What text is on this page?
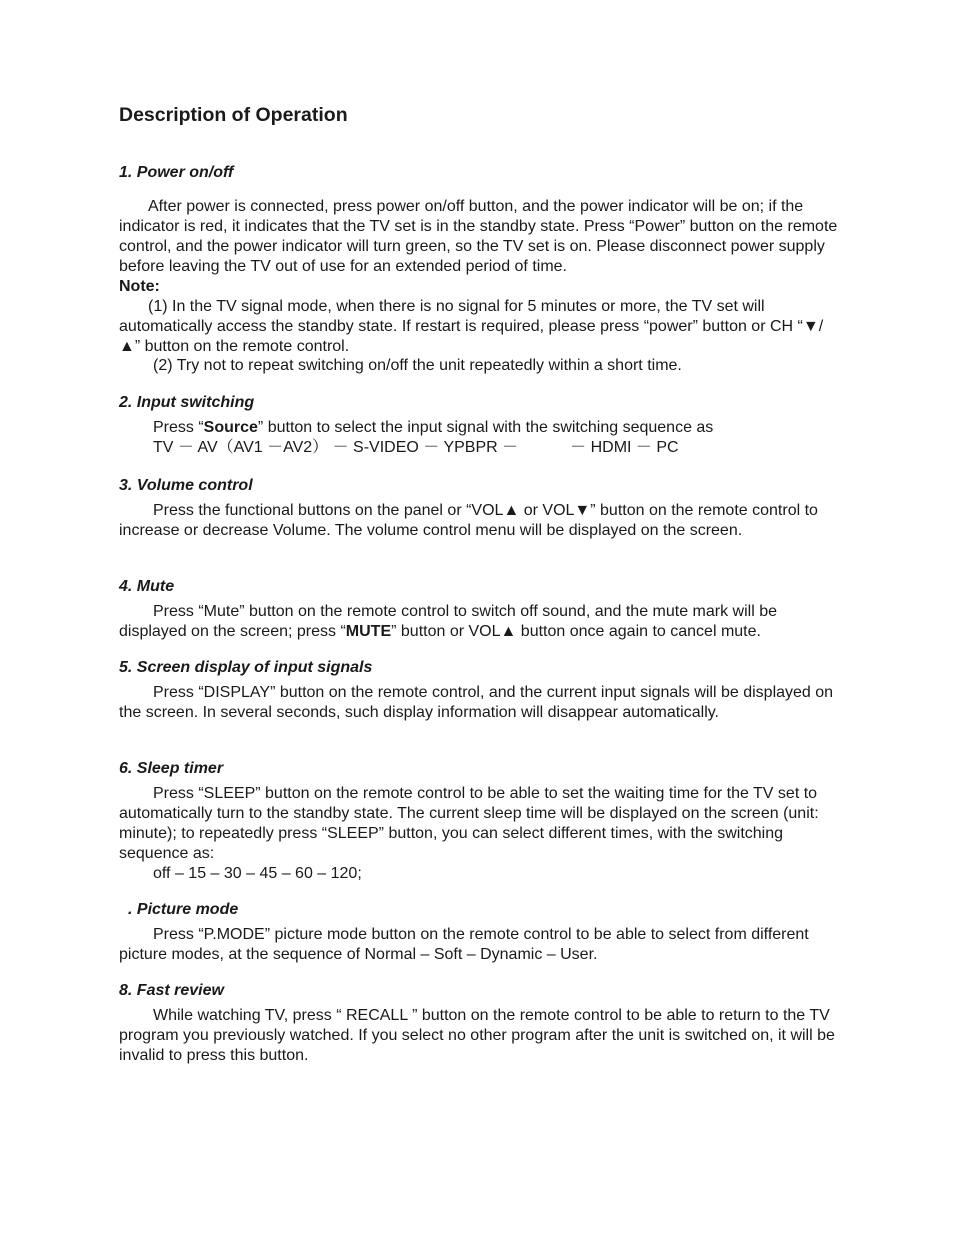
Description of Operation
1. Power on/off

After power is connected, press power on/off button, and the power indicator will be on; if the indicator is red, it indicates that the TV set is in the standby state. Press “Power” button on the remote control, and the power indicator will turn green, so the TV set is on. Please disconnect power supply before leaving the TV out of use for an extended period of time.

Note:

(1) In the TV signal mode, when there is no signal for 5 minutes or more, the TV set will automatically access the standby state. If restart is required, please press “power” button or CH “▼/▲” button on the remote control.

(2) Try not to repeat switching on/off the unit repeatedly within a short time.

2. Input switching

Press “Source” button to select the input signal with the switching sequence as
TV － AV（AV1 －AV2） － S-VIDEO － YPBPR －	－ HDMI － PC

3. Volume control

Press the functional buttons on the panel or “VOL▲ or VOL▼” button on the remote control to increase or decrease Volume. The volume control menu will be displayed on the screen.

4. Mute

Press “Mute” button on the remote control to switch off sound, and the mute mark will be
displayed on the screen; press “MUTE” button or VOL▲ button once again to cancel mute.

5. Screen display of input signals

Press “DISPLAY” button on the remote control, and the current input signals will be displayed on the screen. In several seconds, such display information will disappear automatically.

6. Sleep timer

Press “SLEEP” button on the remote control to be able to set the waiting time for the TV set to automatically turn to the standby state. The current sleep time will be displayed on the screen (unit: minute); to repeatedly press “SLEEP” button, you can select different times, with the switching sequence as:

off – 15 – 30 – 45 – 60 – 120;

. Picture mode

Press “P.MODE” picture mode button on the remote control to be able to select from different picture modes, at the sequence of Normal – Soft – Dynamic – User.

8. Fast review

While watching TV, press “ RECALL ” button on the remote control to be able to return to the TV program you previously watched. If you select no other program after the unit is switched on, it will be invalid to press this button.
